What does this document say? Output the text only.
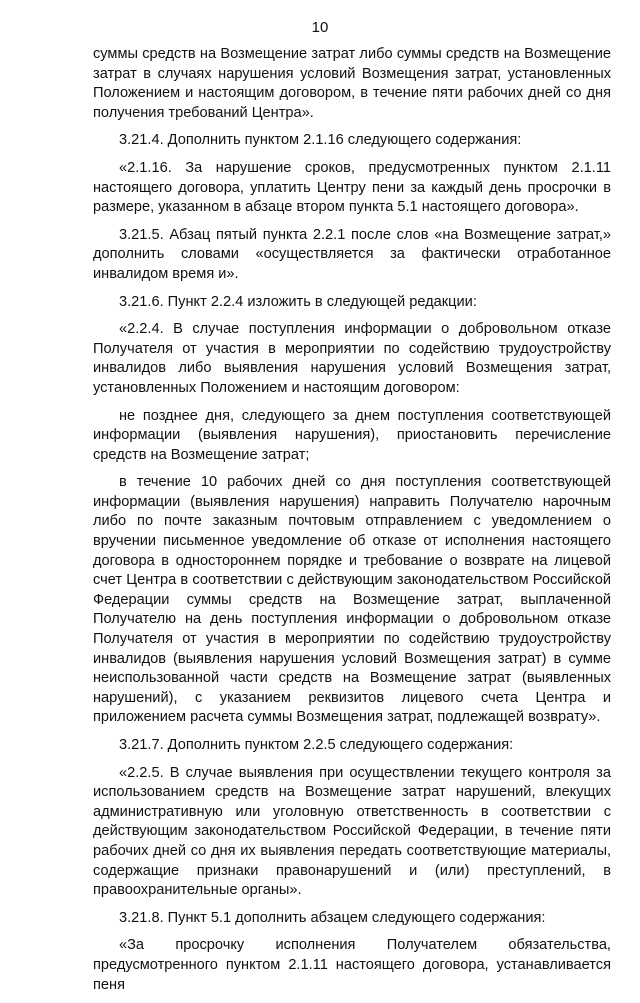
10

суммы средств на Возмещение затрат либо суммы средств на Возмещение затрат в случаях нарушения условий Возмещения затрат, установленных Положением и настоящим договором, в течение пяти рабочих дней со дня получения требований Центра».

3.21.4. Дополнить пунктом 2.1.16 следующего содержания:

«2.1.16. За нарушение сроков, предусмотренных пунктом 2.1.11 настоящего договора, уплатить Центру пени за каждый день просрочки в размере, указанном в абзаце втором пункта 5.1 настоящего договора».

3.21.5. Абзац пятый пункта 2.2.1 после слов «на Возмещение затрат,» дополнить словами «осуществляется за фактически отработанное инвалидом время и».

3.21.6. Пункт 2.2.4 изложить в следующей редакции:

«2.2.4. В случае поступления информации о добровольном отказе Получателя от участия в мероприятии по содействию трудоустройству инвалидов либо выявления нарушения условий Возмещения затрат, установленных Положением и настоящим договором:

не позднее дня, следующего за днем поступления соответствующей информации (выявления нарушения), приостановить перечисление средств на Возмещение затрат;

в течение 10 рабочих дней со дня поступления соответствующей информации (выявления нарушения) направить Получателю нарочным либо по почте заказным почтовым отправлением с уведомлением о вручении письменное уведомление об отказе от исполнения настоящего договора в одностороннем порядке и требование о возврате на лицевой счет Центра в соответствии с действующим законодательством Российской Федерации суммы средств на Возмещение затрат, выплаченной Получателю на день поступления информации о добровольном отказе Получателя от участия в мероприятии по содействию трудоустройству инвалидов (выявления нарушения условий Возмещения затрат) в сумме неиспользованной части средств на Возмещение затрат (выявленных нарушений), с указанием реквизитов лицевого счета Центра и приложением расчета суммы Возмещения затрат, подлежащей возврату».

3.21.7. Дополнить пунктом 2.2.5 следующего содержания:

«2.2.5. В случае выявления при осуществлении текущего контроля за использованием средств на Возмещение затрат нарушений, влекущих административную или уголовную ответственность в соответствии с действующим законодательством Российской Федерации, в течение пяти рабочих дней со дня их выявления передать соответствующие материалы, содержащие признаки правонарушений и (или) преступлений, в правоохранительные органы».

3.21.8. Пункт 5.1 дополнить абзацем следующего содержания:

«За просрочку исполнения Получателем обязательства, предусмотренного пунктом 2.1.11 настоящего договора, устанавливается пеня
